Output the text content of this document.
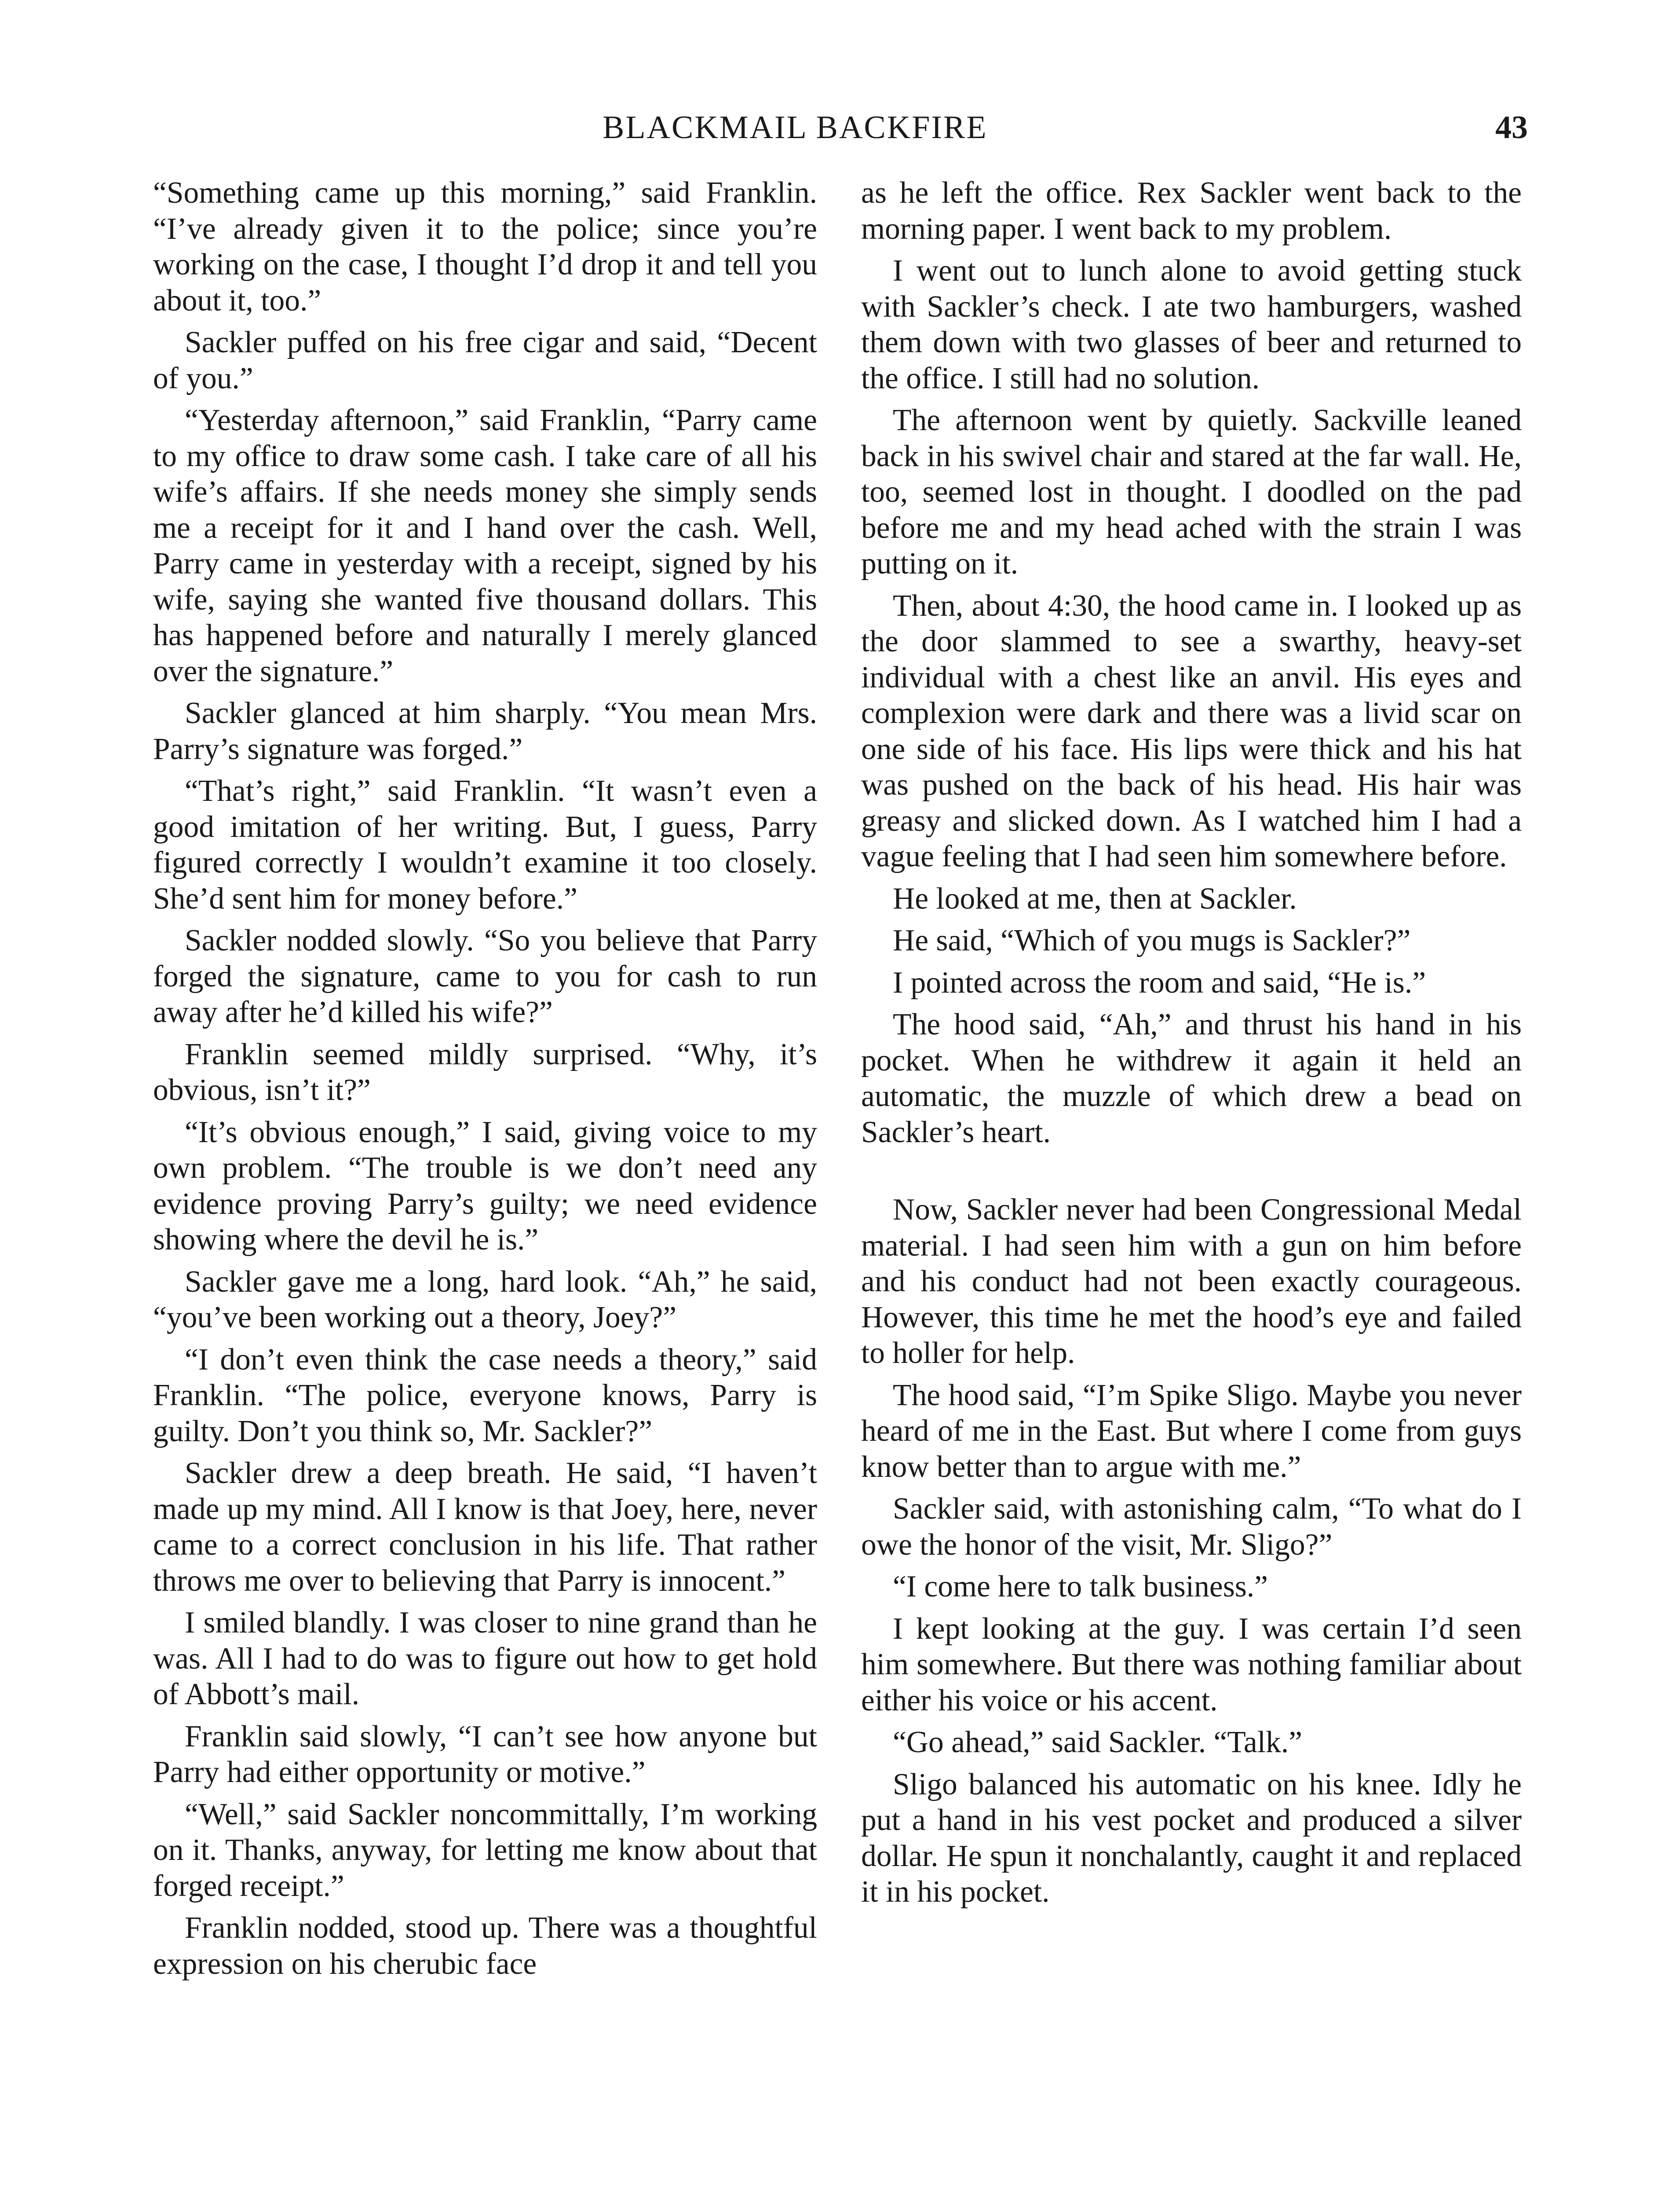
BLACKMAIL BACKFIRE	43

“Something came up this morning,” said Franklin. “I’ve already given it to the police; since you’re working on the case, I thought I’d drop it and tell you about it, too.”

Sackler puffed on his free cigar and said, “Decent of you.”

“Yesterday afternoon,” said Franklin, “Parry came to my office to draw some cash. I take care of all his wife’s affairs. If she needs money she simply sends me a receipt for it and I hand over the cash. Well, Parry came in yesterday with a receipt, signed by his wife, saying she wanted five thousand dollars. This has happened before and naturally I merely glanced over the signature.”

Sackler glanced at him sharply. “You mean Mrs. Parry’s signature was forged.”

“That’s right,” said Franklin. “It wasn’t even a good imitation of her writing. But, I guess, Parry figured correctly I wouldn’t examine it too closely. She’d sent him for money before.”

Sackler nodded slowly. “So you believe that Parry forged the signature, came to you for cash to run away after he’d killed his wife?”

Franklin seemed mildly surprised. “Why, it’s obvious, isn’t it?”

“It’s obvious enough,” I said, giving voice to my own problem. “The trouble is we don’t need any evidence proving Parry’s guilty; we need evidence showing where the devil he is.”

Sackler gave me a long, hard look. “Ah,” he said, “you’ve been working out a theory, Joey?”

“I don’t even think the case needs a theory,” said Franklin. “The police, everyone knows, Parry is guilty. Don’t you think so, Mr. Sackler?”

Sackler drew a deep breath. He said, “I haven’t made up my mind. All I know is that Joey, here, never came to a correct conclusion in his life. That rather throws me over to believing that Parry is innocent.”

I smiled blandly. I was closer to nine grand than he was. All I had to do was to figure out how to get hold of Abbott’s mail.

Franklin said slowly, “I can’t see how anyone but Parry had either opportunity or motive.”

“Well,” said Sackler noncommittally, I’m working on it. Thanks, anyway, for letting me know about that forged receipt.”

Franklin nodded, stood up. There was a thoughtful expression on his cherubic face

as he left the office. Rex Sackler went back to the morning paper. I went back to my problem.

I went out to lunch alone to avoid getting stuck with Sackler’s check. I ate two hamburgers, washed them down with two glasses of beer and returned to the office. I still had no solution.

The afternoon went by quietly. Sackville leaned back in his swivel chair and stared at the far wall. He, too, seemed lost in thought. I doodled on the pad before me and my head ached with the strain I was putting on it.

Then, about 4:30, the hood came in. I looked up as the door slammed to see a swarthy, heavy-set individual with a chest like an anvil. His eyes and complexion were dark and there was a livid scar on one side of his face. His lips were thick and his hat was pushed on the back of his head. His hair was greasy and slicked down. As I watched him I had a vague feeling that I had seen him somewhere before.

He looked at me, then at Sackler.

He said, “Which of you mugs is Sackler?”

I pointed across the room and said, “He is.”

The hood said, “Ah,” and thrust his hand in his pocket. When he withdrew it again it held an automatic, the muzzle of which drew a bead on Sackler’s heart.

Now, Sackler never had been Congressional Medal material. I had seen him with a gun on him before and his conduct had not been exactly courageous. However, this time he met the hood’s eye and failed to holler for help.

The hood said, “I’m Spike Sligo. Maybe you never heard of me in the East. But where I come from guys know better than to argue with me.”

Sackler said, with astonishing calm, “To what do I owe the honor of the visit, Mr. Sligo?”

“I come here to talk business.”

I kept looking at the guy. I was certain I’d seen him somewhere. But there was nothing familiar about either his voice or his accent.

“Go ahead,” said Sackler. “Talk.”

Sligo balanced his automatic on his knee. Idly he put a hand in his vest pocket and produced a silver dollar. He spun it nonchalantly, caught it and replaced it in his pocket.
